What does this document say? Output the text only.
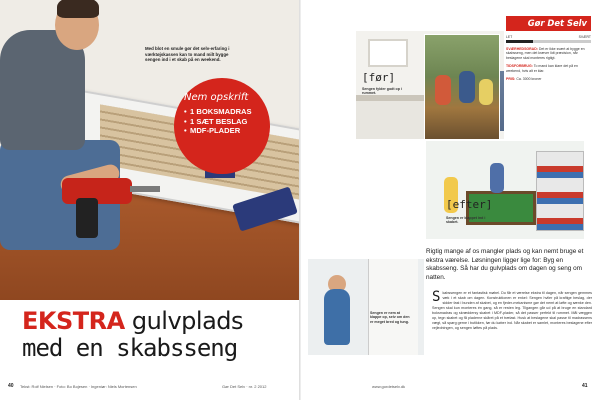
Med blot en smule gør det selv-erfaring i værktøjskassen kan to mand milt bygge sengen ind i et skab på en weekend.

Nem opskrift
• 1 BOKSMADRAS
• 1 SÆT BESLAG
• MDF-PLADER
EKSTRA gulvplads
med en skabsseng
40 Tekst: Rolf Nielsen · Foto: Bo Bojesen · Ingeniør: Niels Mortensen	Gør Det Selv · nr. 2 2012
[før]
Sengen fylder godt op i rummet.
Gør Det Selv
LET	SVÆRT
SVÆRHEDSGRAD: Det er ikke svært at bygge en skabsseng, men det kræver lidt præcision, når beslagene skal monteres rigtigt.
TIDSFORBRUG: To mand kan klare det på en weekend, hvis alt er klar.
PRIS: Ca. 3000 kroner
[efter]
Sengen er klappet ind i skabet.
Sengen er nem at klappe op, selv om den er meget bred og tung.

Rigtig mange af os mangler plads og kan nemt bruge et ekstra værelse. Løsningen ligger lige for: Byg en skabsseng. Så har du gulvplads om dagen og seng om natten.

Skabssengen er et fantastisk møbel. Du får et værelse ekstra til dagen, når sengen gemmes væk i et skab om dagen. Konstruktionen er enkel: Sengen hviler på kraftige beslag, der sidder fast i bunden af skabet, og en fjeder-mekanisme gør det nemt at løfte og sænke den. Sengen skal kun monteres én gang, så er resten leg. Tilgangen går ud på at bruge en standard boksmadras og skræddersy skabet i MDF-plader, så det passer perfekt til rummet. Mål væggen op, tegn skabet og få pladerne skåret på et trælast. Husk at beslagene skal passe til madrassens vægt, så spørg gerne i butikken, før du køber ind. Når skabet er samlet, monteres beslagene efter vejledningen, og sengen løftes på plads.
www.gordetselv.dk	41
